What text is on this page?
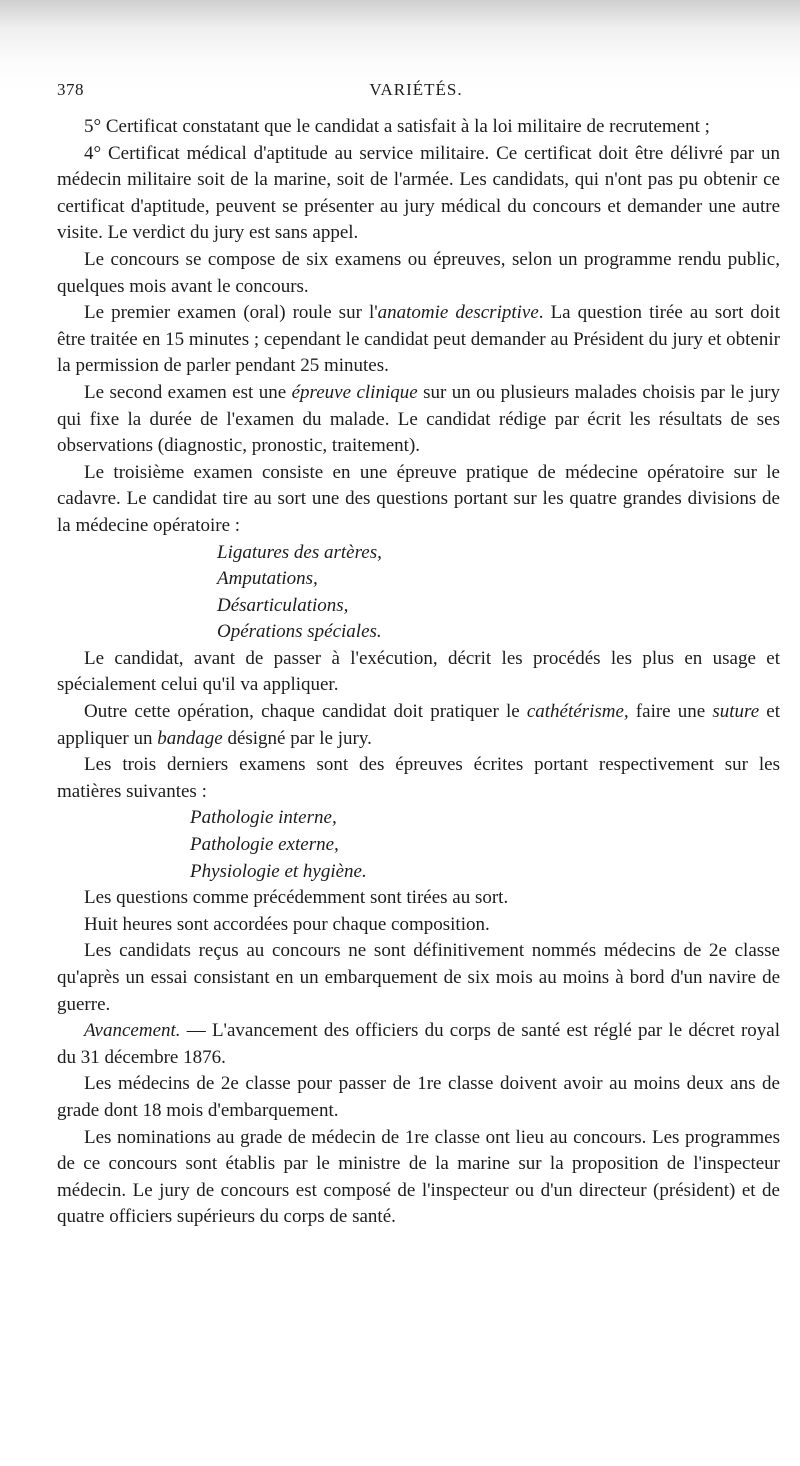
378	VARIÉTÉS.

5° Certificat constatant que le candidat a satisfait à la loi militaire de recrutement ;

4° Certificat médical d'aptitude au service militaire. Ce certificat doit être délivré par un médecin militaire soit de la marine, soit de l'armée. Les candidats, qui n'ont pas pu obtenir ce certificat d'aptitude, peuvent se présenter au jury médical du concours et demander une autre visite. Le verdict du jury est sans appel.

Le concours se compose de six examens ou épreuves, selon un programme rendu public, quelques mois avant le concours.

Le premier examen (oral) roule sur l'anatomie descriptive. La question tirée au sort doit être traitée en 15 minutes ; cependant le candidat peut demander au Président du jury et obtenir la permission de parler pendant 25 minutes.

Le second examen est une épreuve clinique sur un ou plusieurs malades choisis par le jury qui fixe la durée de l'examen du malade. Le candidat rédige par écrit les résultats de ses observations (diagnostic, pronostic, traitement).

Le troisième examen consiste en une épreuve pratique de médecine opératoire sur le cadavre. Le candidat tire au sort une des questions portant sur les quatre grandes divisions de la médecine opératoire :

Ligatures des artères,
Amputations,
Désarticulations,
Opérations spéciales.

Le candidat, avant de passer à l'exécution, décrit les procédés les plus en usage et spécialement celui qu'il va appliquer.

Outre cette opération, chaque candidat doit pratiquer le cathétérisme, faire une suture et appliquer un bandage désigné par le jury.

Les trois derniers examens sont des épreuves écrites portant respectivement sur les matières suivantes :

Pathologie interne,
Pathologie externe,
Physiologie et hygiène.

Les questions comme précédemment sont tirées au sort.

Huit heures sont accordées pour chaque composition.

Les candidats reçus au concours ne sont définitivement nommés médecins de 2e classe qu'après un essai consistant en un embarquement de six mois au moins à bord d'un navire de guerre.

Avancement. — L'avancement des officiers du corps de santé est réglé par le décret royal du 31 décembre 1876.

Les médecins de 2e classe pour passer de 1re classe doivent avoir au moins deux ans de grade dont 18 mois d'embarquement.

Les nominations au grade de médecin de 1re classe ont lieu au concours. Les programmes de ce concours sont établis par le ministre de la marine sur la proposition de l'inspecteur médecin. Le jury de concours est composé de l'inspecteur ou d'un directeur (président) et de quatre officiers supérieurs du corps de santé.
